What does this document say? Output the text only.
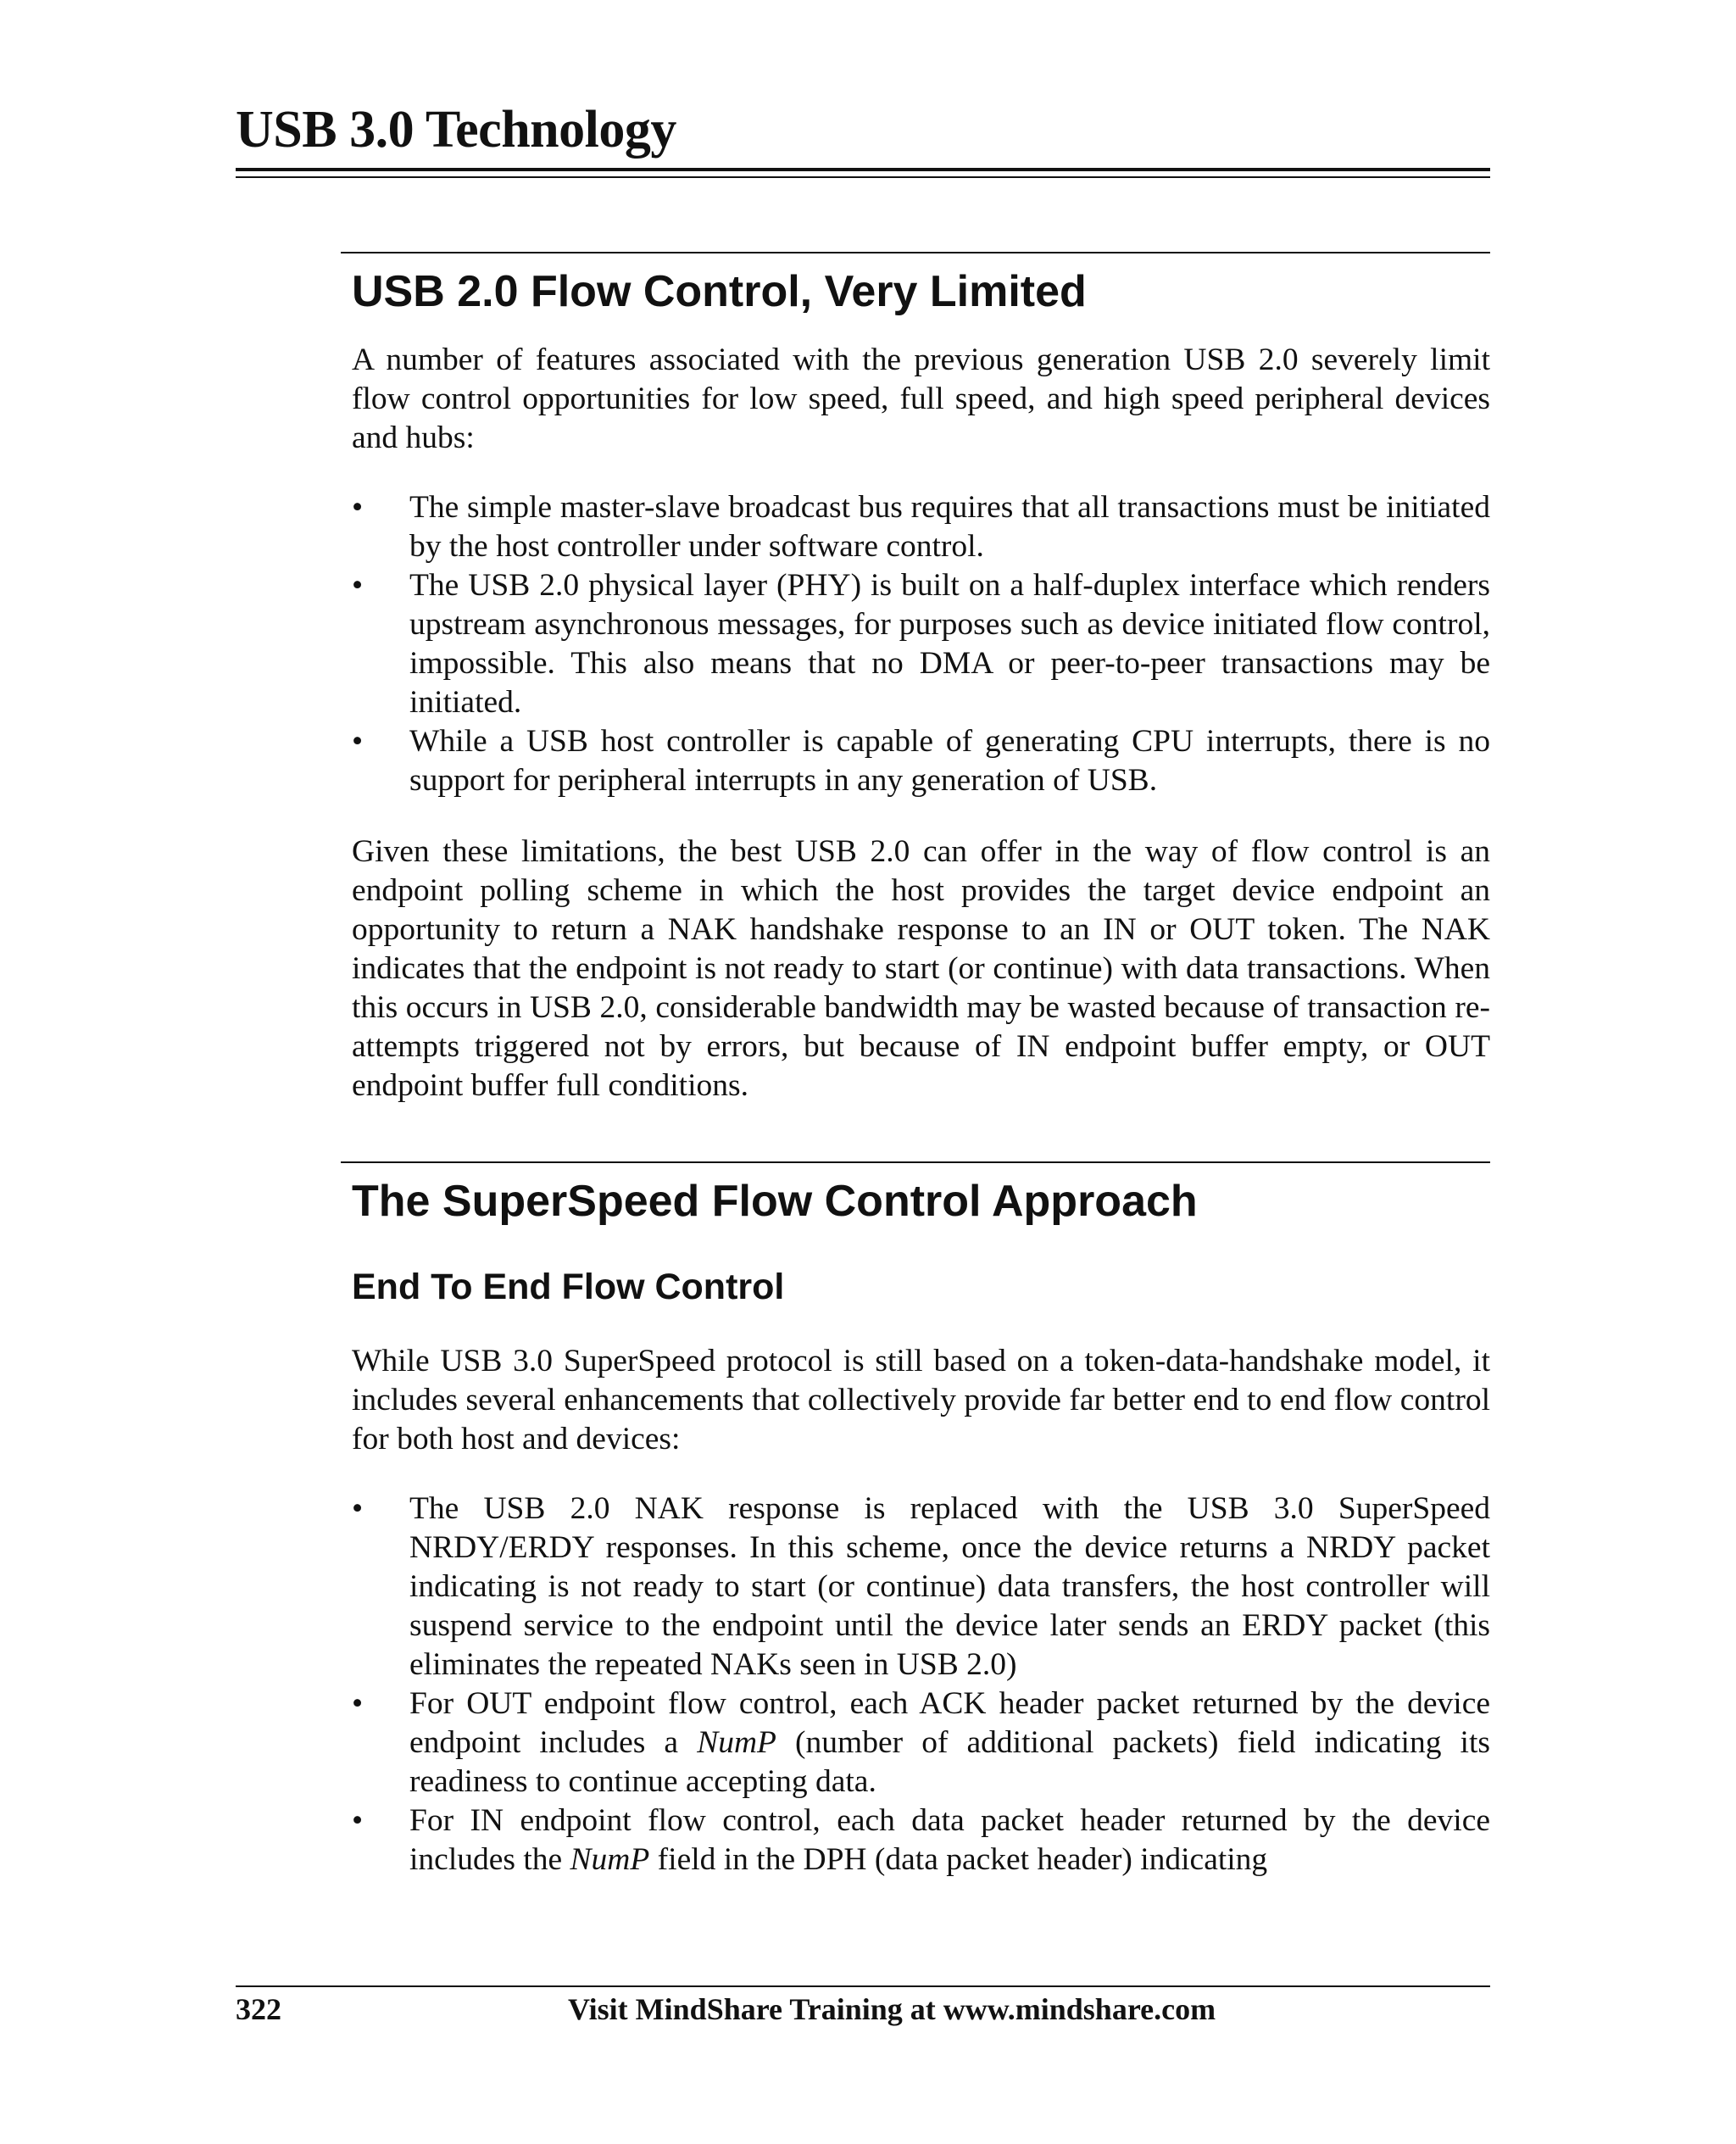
USB 3.0 Technology
USB 2.0 Flow Control, Very Limited

A number of features associated with the previous generation USB 2.0 severely limit flow control opportunities for low speed, full speed, and high speed peripheral devices and hubs:

• The simple master-slave broadcast bus requires that all transactions must be initiated by the host controller under software control.
• The USB 2.0 physical layer (PHY) is built on a half-duplex interface which renders upstream asynchronous messages, for purposes such as device initiated flow control, impossible. This also means that no DMA or peer-to-peer transactions may be initiated.
• While a USB host controller is capable of generating CPU interrupts, there is no support for peripheral interrupts in any generation of USB.

Given these limitations, the best USB 2.0 can offer in the way of flow control is an endpoint polling scheme in which the host provides the target device endpoint an opportunity to return a NAK handshake response to an IN or OUT token. The NAK indicates that the endpoint is not ready to start (or continue) with data transactions. When this occurs in USB 2.0, considerable bandwidth may be wasted because of transaction re-attempts triggered not by errors, but because of IN endpoint buffer empty, or OUT endpoint buffer full conditions.

The SuperSpeed Flow Control Approach
End To End Flow Control

While USB 3.0 SuperSpeed protocol is still based on a token-data-handshake model, it includes several enhancements that collectively provide far better end to end flow control for both host and devices:

• The USB 2.0 NAK response is replaced with the USB 3.0 SuperSpeed NRDY/ERDY responses. In this scheme, once the device returns a NRDY packet indicating is not ready to start (or continue) data transfers, the host controller will suspend service to the endpoint until the device later sends an ERDY packet (this eliminates the repeated NAKs seen in USB 2.0)
• For OUT endpoint flow control, each ACK header packet returned by the device endpoint includes a NumP (number of additional packets) field indicating its readiness to continue accepting data.
• For IN endpoint flow control, each data packet header returned by the device includes the NumP field in the DPH (data packet header) indicating
322	Visit MindShare Training at www.mindshare.com
